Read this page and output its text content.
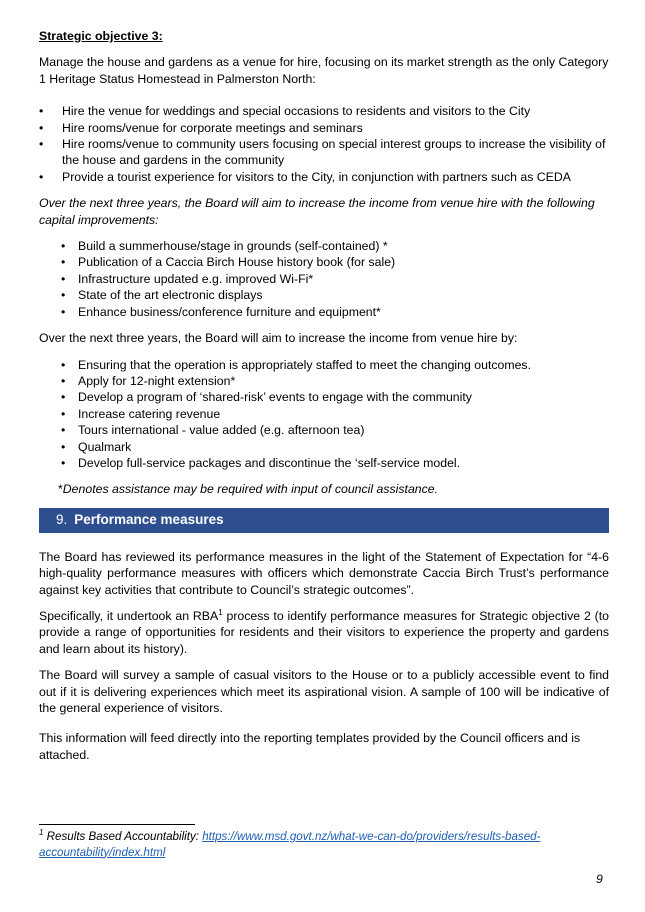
Strategic objective 3:

Manage the house and gardens as a venue for hire, focusing on its market strength as the only Category 1 Heritage Status Homestead in Palmerston North:

• Hire the venue for weddings and special occasions to residents and visitors to the City
• Hire rooms/venue for corporate meetings and seminars
• Hire rooms/venue to community users focusing on special interest groups to increase the visibility of the house and gardens in the community
• Provide a tourist experience for visitors to the City, in conjunction with partners such as CEDA

Over the next three years, the Board will aim to increase the income from venue hire with the following capital improvements:

• Build a summerhouse/stage in grounds (self-contained) *
• Publication of a Caccia Birch House history book (for sale)
• Infrastructure updated e.g. improved Wi-Fi*
• State of the art electronic displays
• Enhance business/conference furniture and equipment*

Over the next three years, the Board will aim to increase the income from venue hire by:

• Ensuring that the operation is appropriately staffed to meet the changing outcomes.
• Apply for 12-night extension*
• Develop a program of ‘shared-risk’ events to engage with the community
• Increase catering revenue
• Tours international - value added (e.g. afternoon tea)
• Qualmark
• Develop full-service packages and discontinue the ‘self-service model.

*Denotes assistance may be required with input of council assistance.

9. Performance measures

The Board has reviewed its performance measures in the light of the Statement of Expectation for “4-6 high-quality performance measures with officers which demonstrate Caccia Birch Trust’s performance against key activities that contribute to Council’s strategic outcomes”.

Specifically, it undertook an RBA$^1$ process to identify performance measures for Strategic objective 2 (to provide a range of opportunities for residents and their visitors to experience the property and gardens and learn about its history).

The Board will survey a sample of casual visitors to the House or to a publicly accessible event to find out if it is delivering experiences which meet its aspirational vision. A sample of 100 will be indicative of the general experience of visitors.

This information will feed directly into the reporting templates provided by the Council officers and is attached.

$^1$ Results Based Accountability: https://www.msd.govt.nz/what-we-can-do/providers/results-based-accountability/index.html
9
